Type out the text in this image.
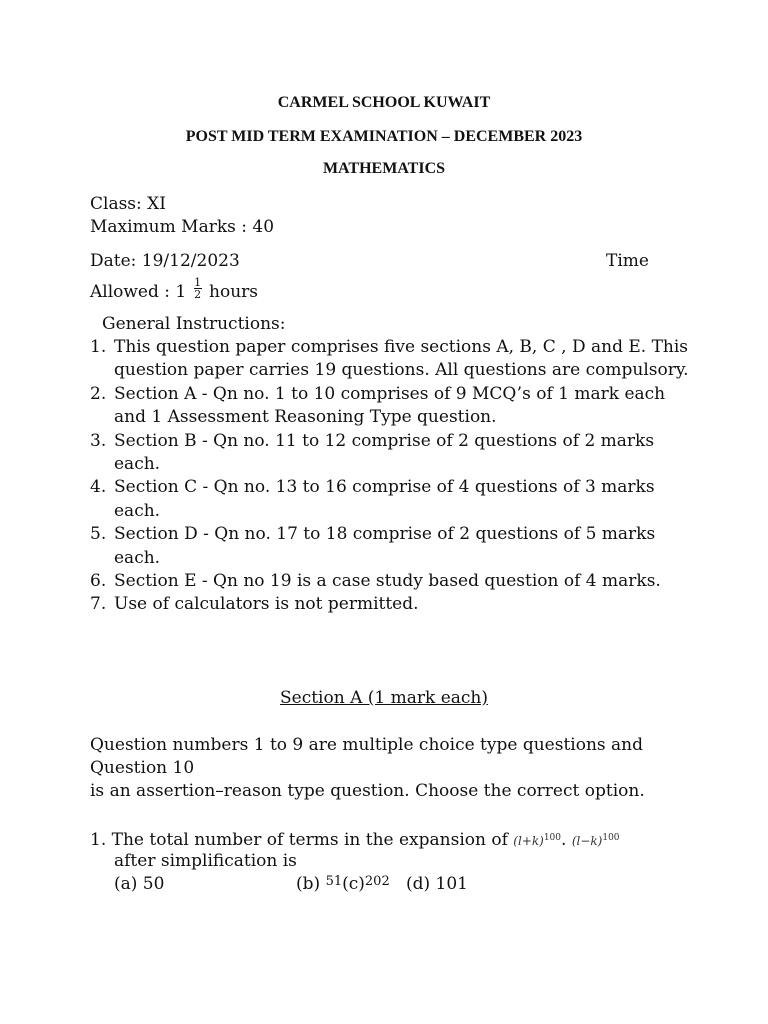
CARMEL SCHOOL KUWAIT
POST MID TERM EXAMINATION – DECEMBER 2023
MATHEMATICS
Class: XI
Maximum Marks : 40
Date: 19/12/2023	Time
Allowed : $1 \frac{1}{2}$ hours
General Instructions:
1. This question paper comprises five sections A, B, C , D and E. This question paper carries 19 questions. All questions are compulsory.
2. Section A - Qn no. 1 to 10 comprises of 9 MCQ’s of 1 mark each and 1 Assessment Reasoning Type question.
3. Section B - Qn no. 11 to 12 comprise of 2 questions of 2 marks each.
4. Section C - Qn no. 13 to 16 comprise of 4 questions of 3 marks each.
5. Section D - Qn no. 17 to 18 comprise of 2 questions of 5 marks each.
6. Section E - Qn no 19 is a case study based question of 4 marks.
7. Use of calculators is not permitted.
Section A (1 mark each)
Question numbers 1 to 9 are multiple choice type questions and
Question 10
is an assertion–reason type question. Choose the correct option.
1. The total number of terms in the expansion of $(l+k)^{100}$. $(l-k)^{100}$
after simplification is
(a) 50	(b) $^{51}(c)^{202}$ (d) 101
